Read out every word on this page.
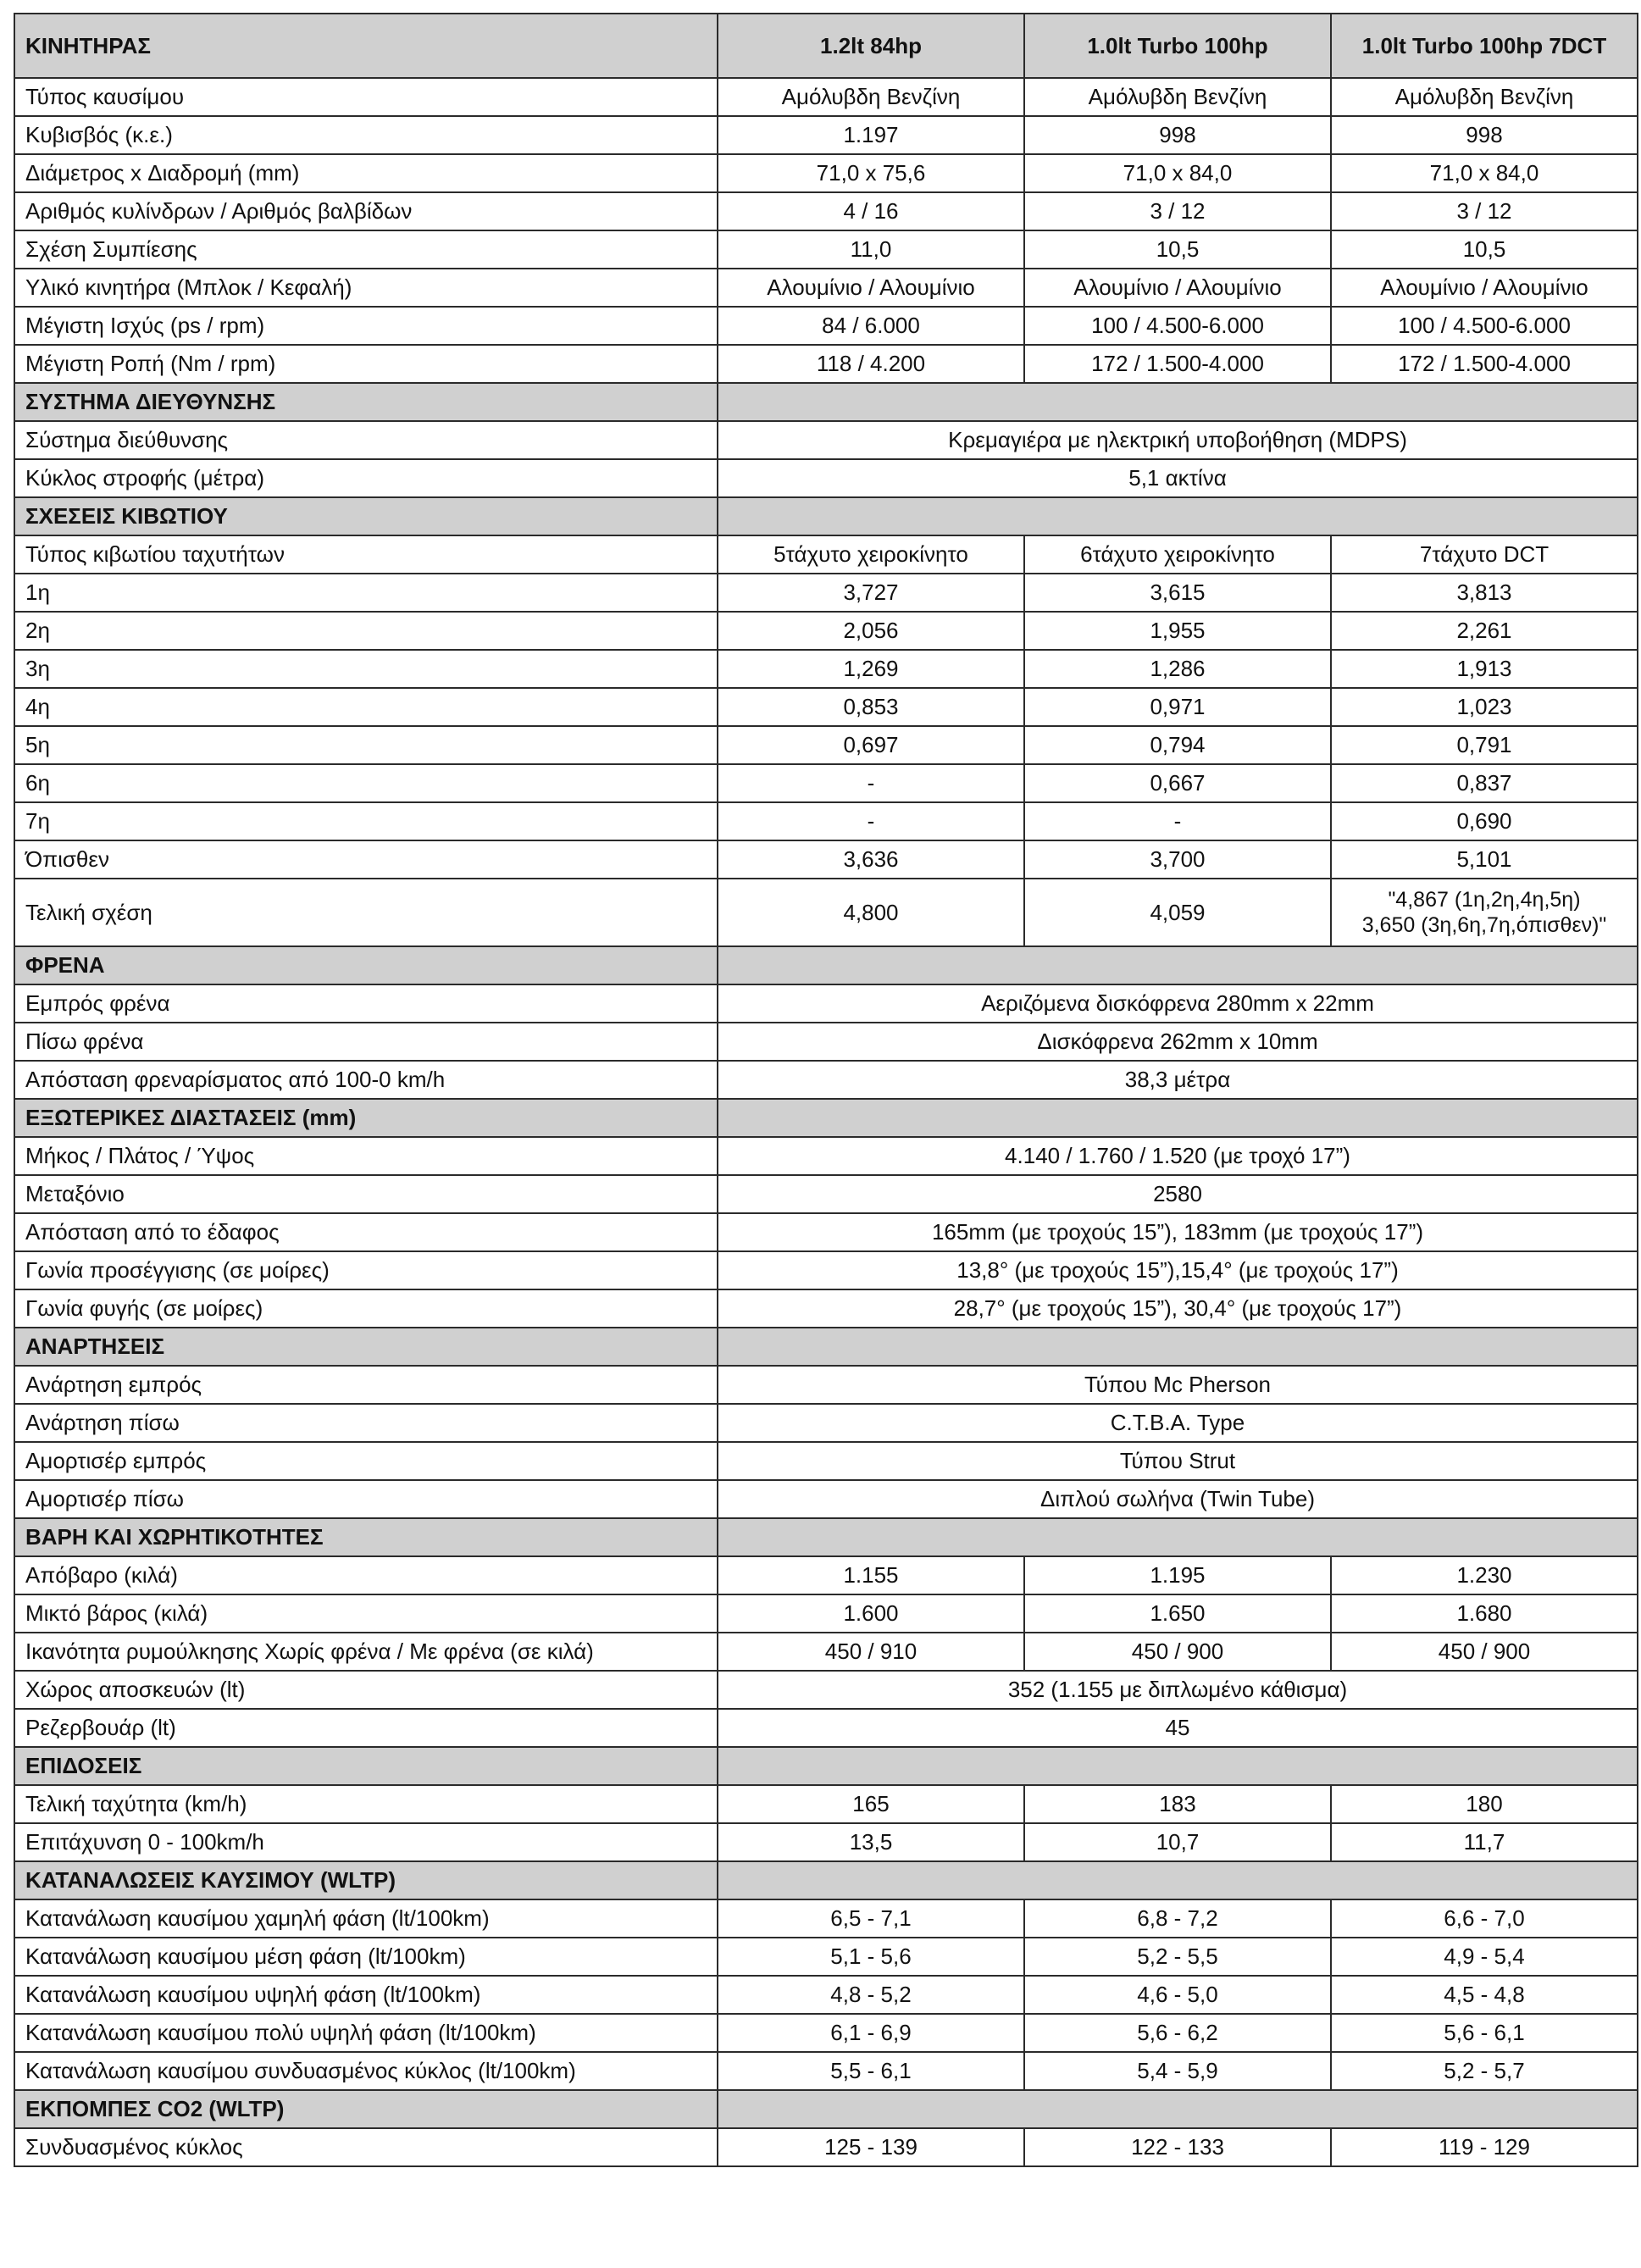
ΚΙΝΗΤΗΡΑΣ	1.2lt 84hp	1.0lt Turbo 100hp	1.0lt Turbo 100hp 7DCT
Τύπος καυσίμου	Αμόλυβδη Βενζίνη	Αμόλυβδη Βενζίνη	Αμόλυβδη Βενζίνη
Κυβισβός (κ.ε.)	1.197	998	998
Διάμετρος x Διαδρομή (mm)	71,0 x 75,6	71,0 x 84,0	71,0 x 84,0
Αριθμός κυλίνδρων / Αριθμός βαλβίδων	4 / 16	3 / 12	3 / 12
Σχέση Συμπίεσης	11,0	10,5	10,5
Υλικό κινητήρα (Μπλοκ / Κεφαλή)	Αλουμίνιο / Αλουμίνιο	Αλουμίνιο / Αλουμίνιο	Αλουμίνιο / Αλουμίνιο
Μέγιστη Ισχύς (ps / rpm)	84 / 6.000	100 / 4.500-6.000	100 / 4.500-6.000
Μέγιστη Ροπή (Nm / rpm)	118 / 4.200	172 / 1.500-4.000	172 / 1.500-4.000
ΣΥΣΤΗΜΑ ΔΙΕΥΘΥΝΣΗΣ			
Σύστημα διεύθυνσης	Κρεμαγιέρα με ηλεκτρική υποβοήθηση (MDPS)		
Κύκλος στροφής (μέτρα)	5,1 ακτίνα		
ΣΧΕΣΕΙΣ ΚΙΒΩΤΙΟΥ			
Τύπος κιβωτίου ταχυτήτων	5τάχυτο χειροκίνητο	6τάχυτο χειροκίνητο	7τάχυτο DCT
1η	3,727	3,615	3,813
2η	2,056	1,955	2,261
3η	1,269	1,286	1,913
4η	0,853	0,971	1,023
5η	0,697	0,794	0,791
6η	-	0,667	0,837
7η	-	-	0,690
Όπισθεν	3,636	3,700	5,101
Τελική σχέση	4,800	4,059	"4,867 (1η,2η,4η,5η)
3,650 (3η,6η,7η,όπισθεν)"
ΦΡΕΝΑ			
Εμπρός φρένα	Αεριζόμενα δισκόφρενα 280mm x 22mm		
Πίσω φρένα	Δισκόφρενα 262mm x 10mm		
Απόσταση φρεναρίσματος από 100-0 km/h	38,3 μέτρα		
ΕΞΩΤΕΡΙΚΕΣ ΔΙΑΣΤΑΣΕΙΣ (mm)			
Μήκος / Πλάτος / Ύψος	4.140 / 1.760 / 1.520 (με τροχό 17”)		
Μεταξόνιο	2580		
Απόσταση από το έδαφος	165mm (με τροχούς 15”), 183mm (με τροχούς 17”)		
Γωνία προσέγγισης (σε μοίρες)	13,8° (με τροχούς 15”),15,4° (με τροχούς 17”)		
Γωνία φυγής (σε μοίρες)	28,7° (με τροχούς 15”), 30,4° (με τροχούς 17”)		
ΑΝΑΡΤΗΣΕΙΣ			
Ανάρτηση εμπρός	Τύπου Mc Pherson		
Ανάρτηση πίσω	C.T.B.A. Type		
Αμορτισέρ εμπρός	Τύπου Strut		
Αμορτισέρ πίσω	Διπλού σωλήνα (Twin Tube)		
ΒΑΡΗ ΚΑΙ ΧΩΡΗΤΙΚΟΤΗΤΕΣ			
Απόβαρο (κιλά)	1.155	1.195	1.230
Μικτό βάρος (κιλά)	1.600	1.650	1.680
Ικανότητα ρυμούλκησης Χωρίς φρένα / Με φρένα (σε κιλά)	450 / 910	450 / 900	450 / 900
Χώρος αποσκευών (lt)	352 (1.155 με διπλωμένο κάθισμα)		
Ρεζερβουάρ (lt)	45		
ΕΠΙΔΟΣΕΙΣ			
Τελική ταχύτητα (km/h)	165	183	180
Επιτάχυνση 0 - 100km/h	13,5	10,7	11,7
ΚΑΤΑΝΑΛΩΣΕΙΣ ΚΑΥΣΙΜΟΥ (WLTP)			
Κατανάλωση καυσίμου χαμηλή φάση (lt/100km)	6,5 - 7,1	6,8 - 7,2	6,6 - 7,0
Κατανάλωση καυσίμου μέση φάση (lt/100km)	5,1 - 5,6	5,2 - 5,5	4,9 - 5,4
Κατανάλωση καυσίμου υψηλή φάση (lt/100km)	4,8 - 5,2	4,6 - 5,0	4,5 - 4,8
Κατανάλωση καυσίμου πολύ υψηλή φάση (lt/100km)	6,1 - 6,9	5,6 - 6,2	5,6 - 6,1
Κατανάλωση καυσίμου συνδυασμένος κύκλος (lt/100km)	5,5 - 6,1	5,4 - 5,9	5,2 - 5,7
ΕΚΠΟΜΠΕΣ CO2 (WLTP)			
Συνδυασμένος κύκλος	125 - 139	122 - 133	119 - 129
